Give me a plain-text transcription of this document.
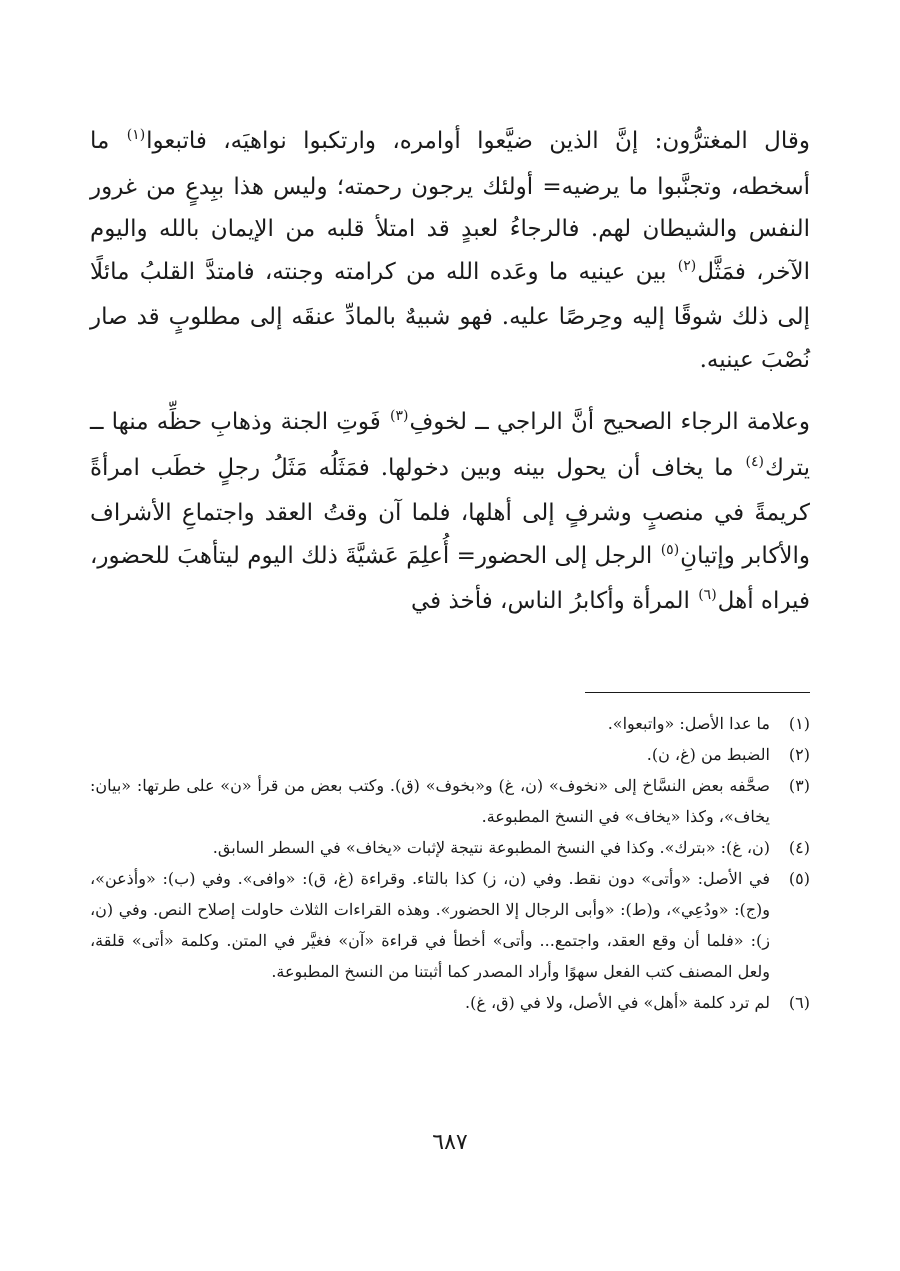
وقال المغترُّون: إنَّ الذين ضيَّعوا أوامره، وارتكبوا نواهيَه، فاتبعوا$^{(١)}$ ما أسخطه، وتجنَّبوا ما يرضيه= أولئك يرجون رحمته؛ وليس هذا ببِدعٍ من غرور النفس والشيطان لهم. فالرجاءُ لعبدٍ قد امتلأ قلبه من الإيمان بالله واليوم الآخر، فمَثَّل$^{(٢)}$ بين عينيه ما وعَده الله من كرامته وجنته، فامتدَّ القلبُ مائلًا إلى ذلك شوقًا إليه وحِرصًا عليه. فهو شبيهٌ بالمادِّ عنقَه إلى مطلوبٍ قد صار نُصْبَ عينيه.

وعلامة الرجاء الصحيح أنَّ الراجي ــ لخوفِ$^{(٣)}$ فَوتِ الجنة وذهابِ حظِّه منها ــ يترك$^{(٤)}$ ما يخاف أن يحول بينه وبين دخولها. فمَثَلُه مَثَلُ رجلٍ خطَب امرأةً كريمةً في منصبٍ وشرفٍ إلى أهلها، فلما آن وقتُ العقد واجتماعِ الأشراف والأكابر وإتيانِ$^{(٥)}$ الرجل إلى الحضور= أُعلِمَ عَشيَّةَ ذلك اليوم ليتأهبَ للحضور، فيراه أهل$^{(٦)}$ المرأة وأكابرُ الناس، فأخذ في

(١)
ما عدا الأصل: «واتبعوا».
(٢)
الضبط من (غ، ن).
(٣)
صحَّفه بعض النسَّاخ إلى «نخوف» (ن، غ) و«بخوف» (ق). وكتب بعض من قرأ «ن» على طرتها: «بيان: يخاف»، وكذا «يخاف» في النسخ المطبوعة.
(٤)
(ن، غ): «بترك». وكذا في النسخ المطبوعة نتيجة لإثبات «يخاف» في السطر السابق.
(٥)
في الأصل: «وأتى» دون نقط. وفي (ن، ز) كذا بالتاء. وقراءة (غ، ق): «وافى». وفي (ب): «وأذعن»، و(ج): «ودُعِي»، و(ط): «وأبى الرجال إلا الحضور». وهذه القراءات الثلاث حاولت إصلاح النص. وفي (ن، ز): «فلما أن وقع العقد، واجتمع... وأتى» أخطأ في قراءة «آن» فغيَّر في المتن. وكلمة «أتى» قلقة، ولعل المصنف كتب الفعل سهوًا وأراد المصدر كما أثبتنا من النسخ المطبوعة.
(٦)
لم ترد كلمة «أهل» في الأصل، ولا في (ق، غ).
٦٨٧
